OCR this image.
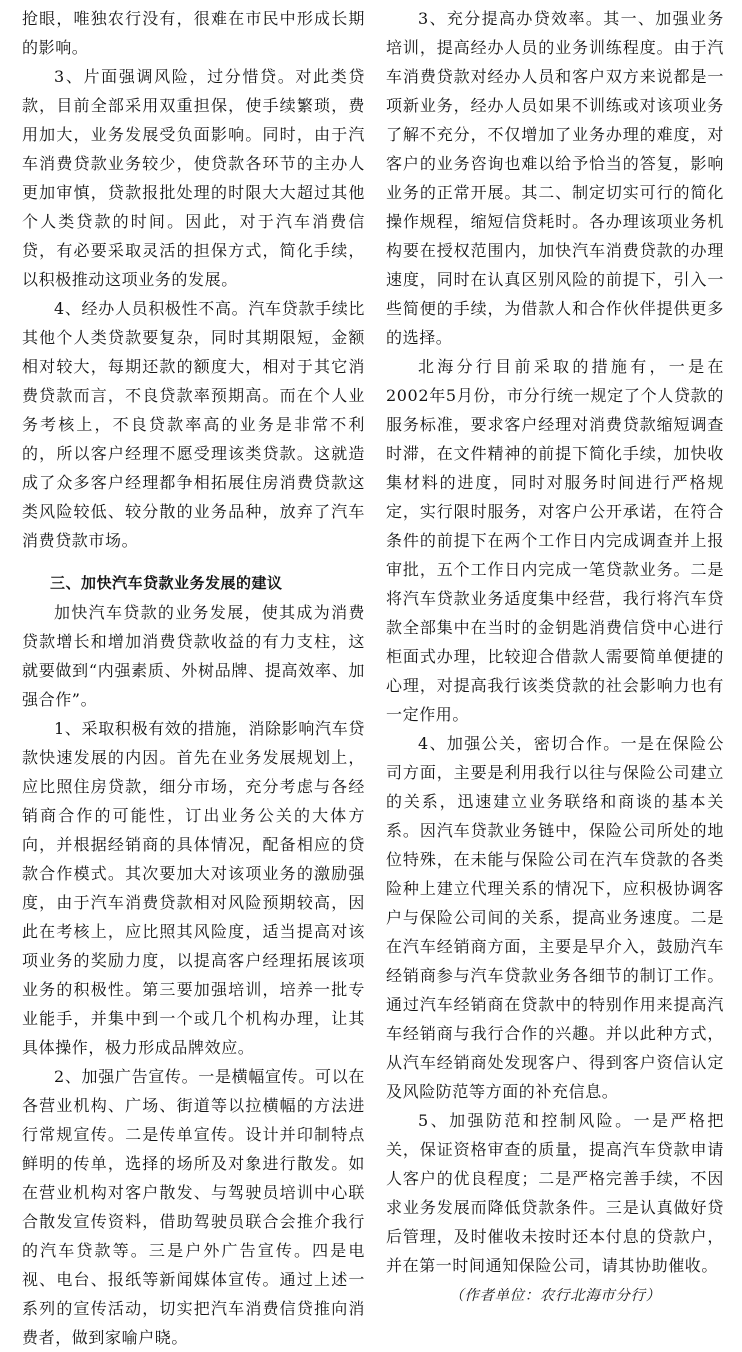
抢眼，唯独农行没有，很难在市民中形成长期的影响。

3、片面强调风险，过分惜贷。对此类贷款，目前全部采用双重担保，使手续繁琐，费用加大，业务发展受负面影响。同时，由于汽车消费贷款业务较少，使贷款各环节的主办人更加审慎，贷款报批处理的时限大大超过其他个人类贷款的时间。因此，对于汽车消费信贷，有必要采取灵活的担保方式，简化手续，以积极推动这项业务的发展。

4、经办人员积极性不高。汽车贷款手续比其他个人类贷款要复杂，同时其期限短，金额相对较大，每期还款的额度大，相对于其它消费贷款而言，不良贷款率预期高。而在个人业务考核上，不良贷款率高的业务是非常不利的，所以客户经理不愿受理该类贷款。这就造成了众多客户经理都争相拓展住房消费贷款这类风险较低、较分散的业务品种，放弃了汽车消费贷款市场。

三、加快汽车贷款业务发展的建议

加快汽车贷款的业务发展，使其成为消费贷款增长和增加消费贷款收益的有力支柱，这就要做到“内强素质、外树品牌、提高效率、加强合作”。

1、采取积极有效的措施，消除影响汽车贷款快速发展的内因。首先在业务发展规划上，应比照住房贷款，细分市场，充分考虑与各经销商合作的可能性，订出业务公关的大体方向，并根据经销商的具体情况，配备相应的贷款合作模式。其次要加大对该项业务的激励强度，由于汽车消费贷款相对风险预期较高，因此在考核上，应比照其风险度，适当提高对该项业务的奖励力度，以提高客户经理拓展该项业务的积极性。第三要加强培训，培养一批专业能手，并集中到一个或几个机构办理，让其具体操作，极力形成品牌效应。

2、加强广告宣传。一是横幅宣传。可以在各营业机构、广场、街道等以拉横幅的方法进行常规宣传。二是传单宣传。设计并印制特点鲜明的传单，选择的场所及对象进行散发。如在营业机构对客户散发、与驾驶员培训中心联合散发宣传资料，借助驾驶员联合会推介我行的汽车贷款等。三是户外广告宣传。四是电视、电台、报纸等新闻媒体宣传。通过上述一系列的宣传活动，切实把汽车消费信贷推向消费者，做到家喻户晓。

3、充分提高办贷效率。其一、加强业务培训，提高经办人员的业务训练程度。由于汽车消费贷款对经办人员和客户双方来说都是一项新业务，经办人员如果不训练或对该项业务了解不充分，不仅增加了业务办理的难度，对客户的业务咨询也难以给予恰当的答复，影响业务的正常开展。其二、制定切实可行的简化操作规程，缩短信贷耗时。各办理该项业务机构要在授权范围内，加快汽车消费贷款的办理速度，同时在认真区别风险的前提下，引入一些简便的手续，为借款人和合作伙伴提供更多的选择。

北海分行目前采取的措施有，一是在2002年5月份，市分行统一规定了个人贷款的服务标准，要求客户经理对消费贷款缩短调查时滞，在文件精神的前提下简化手续，加快收集材料的进度，同时对服务时间进行严格规定，实行限时服务，对客户公开承诺，在符合条件的前提下在两个工作日内完成调查并上报审批，五个工作日内完成一笔贷款业务。二是将汽车贷款业务适度集中经营，我行将汽车贷款全部集中在当时的金钥匙消费信贷中心进行柜面式办理，比较迎合借款人需要简单便捷的心理，对提高我行该类贷款的社会影响力也有一定作用。

4、加强公关，密切合作。一是在保险公司方面，主要是利用我行以往与保险公司建立的关系，迅速建立业务联络和商谈的基本关系。因汽车贷款业务链中，保险公司所处的地位特殊，在未能与保险公司在汽车贷款的各类险种上建立代理关系的情况下，应积极协调客户与保险公司间的关系，提高业务速度。二是在汽车经销商方面，主要是早介入，鼓励汽车经销商参与汽车贷款业务各细节的制订工作。通过汽车经销商在贷款中的特别作用来提高汽车经销商与我行合作的兴趣。并以此种方式，从汽车经销商处发现客户、得到客户资信认定及风险防范等方面的补充信息。

5、加强防范和控制风险。一是严格把关，保证资格审查的质量，提高汽车贷款申请人客户的优良程度；二是严格完善手续，不因求业务发展而降低贷款条件。三是认真做好贷后管理，及时催收未按时还本付息的贷款户，并在第一时间通知保险公司，请其协助催收。

（作者单位：农行北海市分行）
